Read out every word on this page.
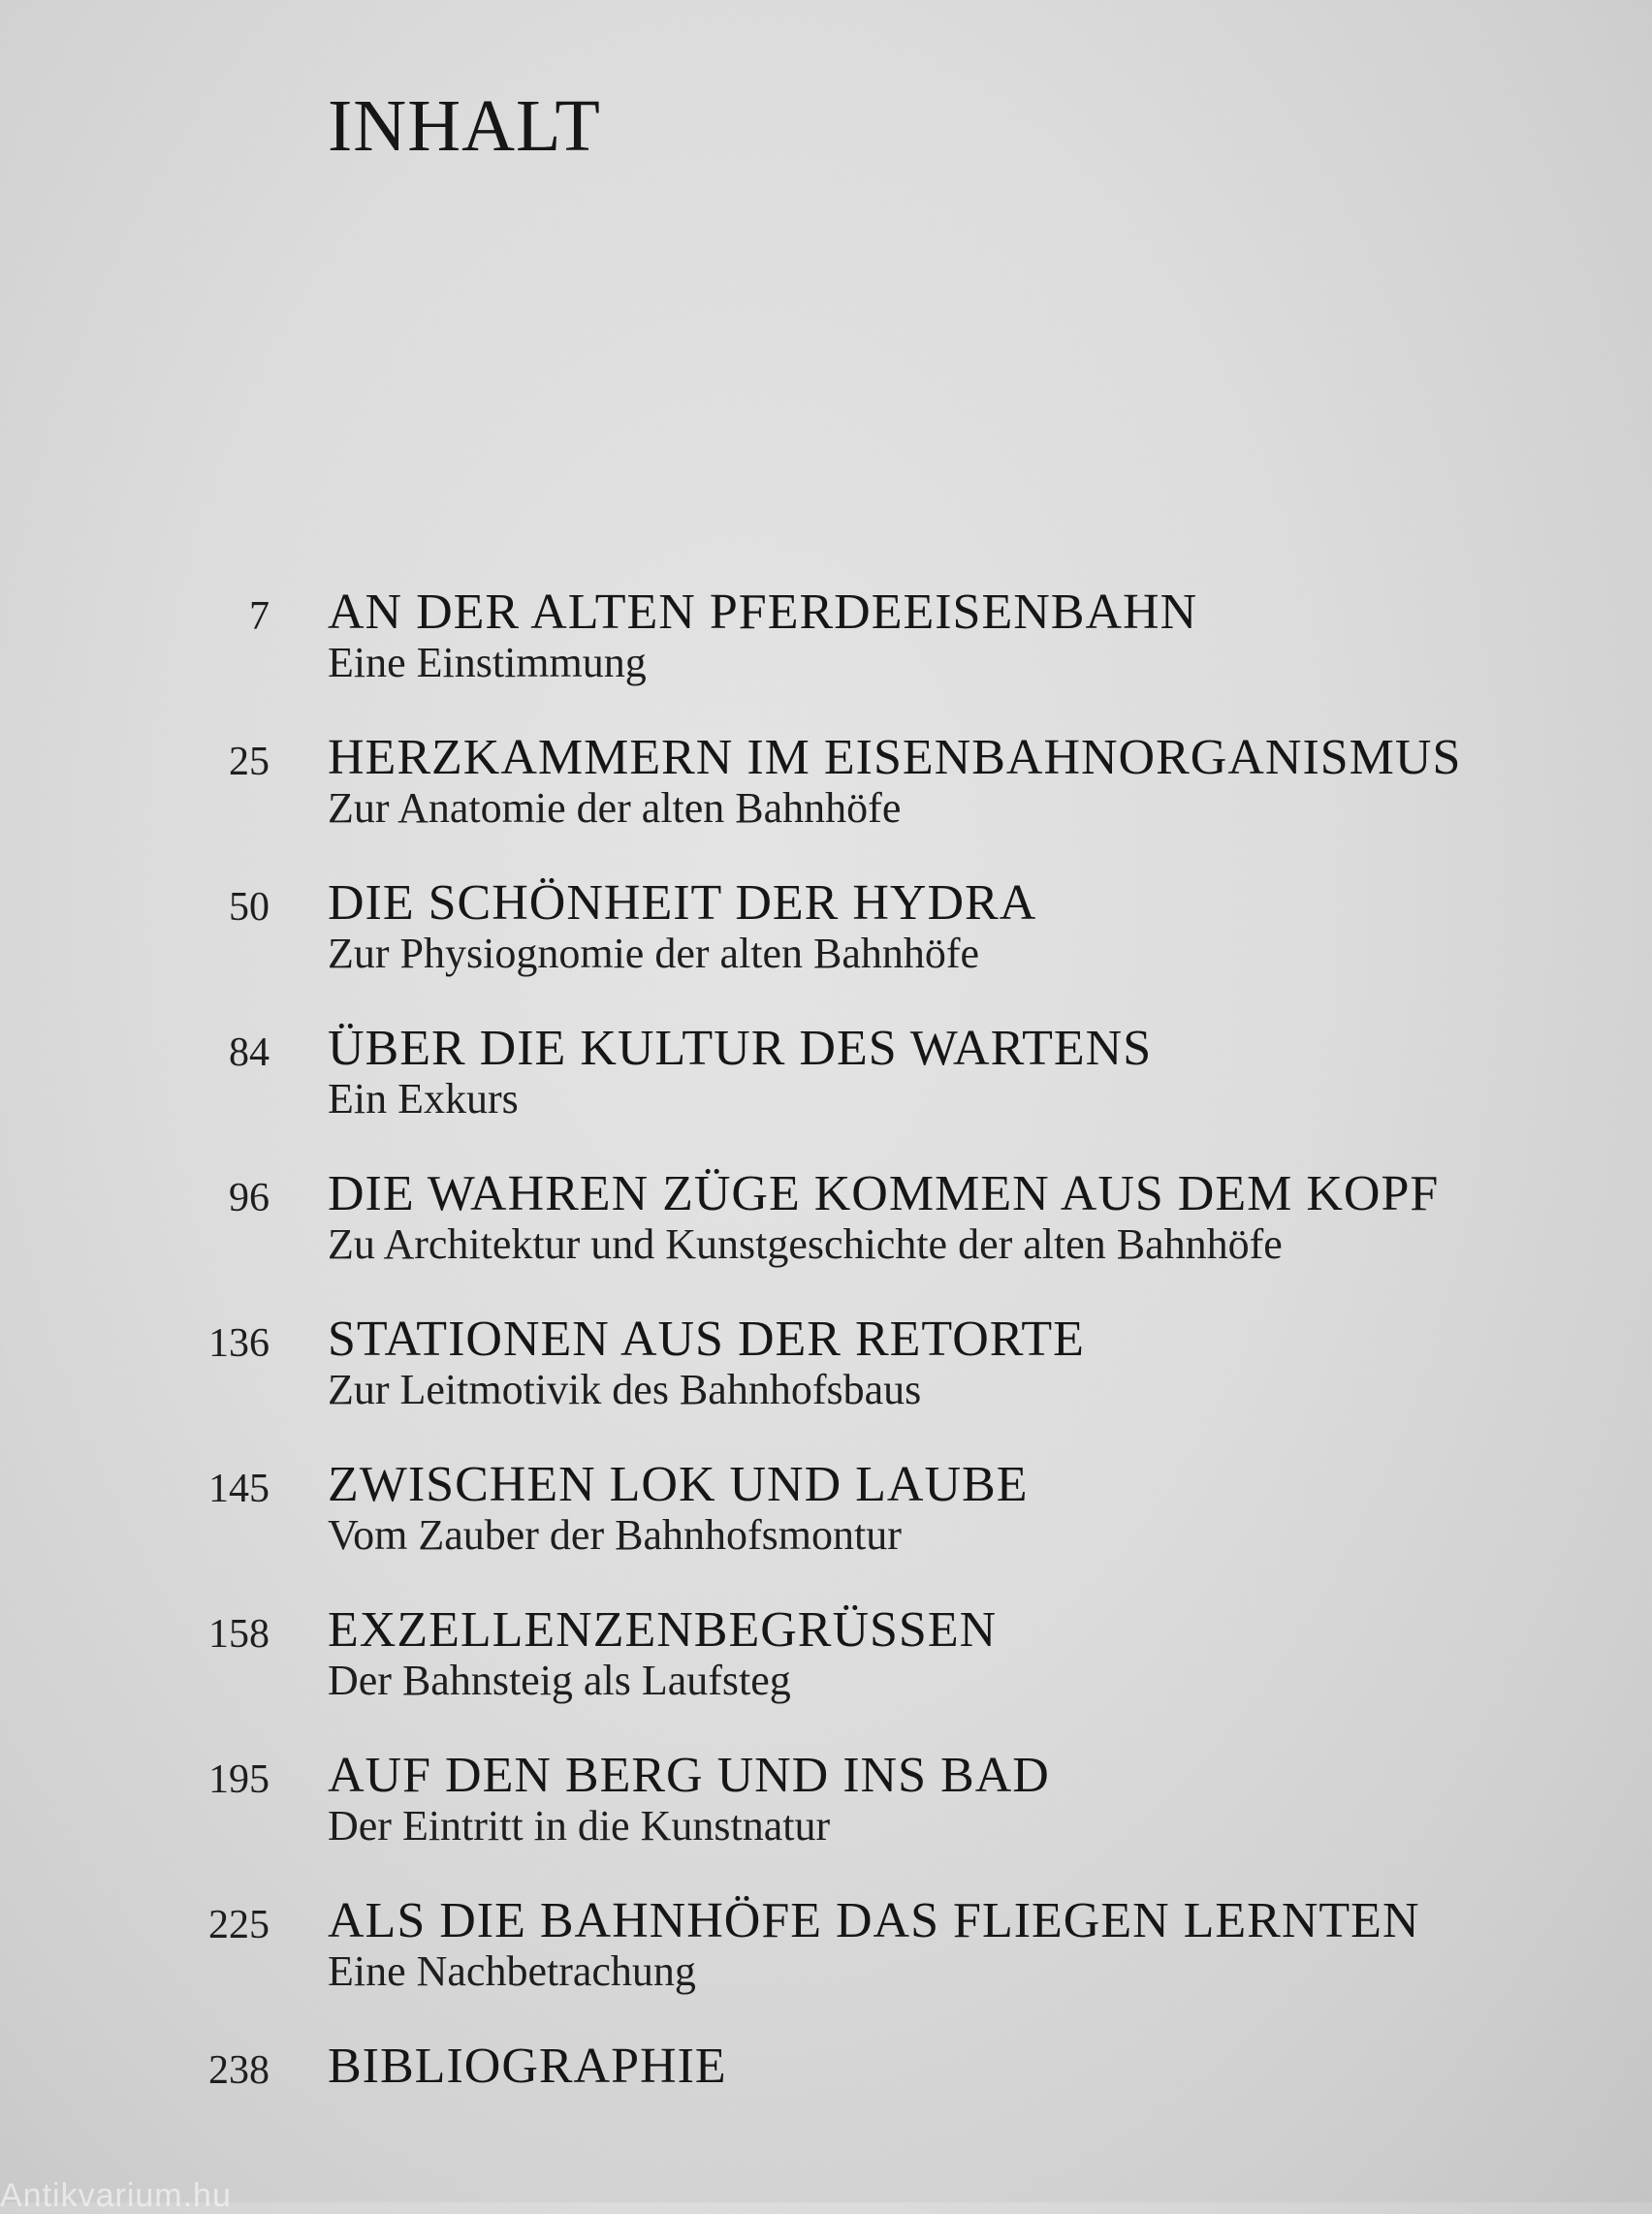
INHALT
7 AN DER ALTEN PFERDEEISENBAHN
Eine Einstimmung
25 HERZKAMMERN IM EISENBAHNORGANISMUS
Zur Anatomie der alten Bahnhöfe
50 DIE SCHÖNHEIT DER HYDRA
Zur Physiognomie der alten Bahnhöfe
84 ÜBER DIE KULTUR DES WARTENS
Ein Exkurs
96 DIE WAHREN ZÜGE KOMMEN AUS DEM KOPF
Zu Architektur und Kunstgeschichte der alten Bahnhöfe
136 STATIONEN AUS DER RETORTE
Zur Leitmotivik des Bahnhofsbaus
145 ZWISCHEN LOK UND LAUBE
Vom Zauber der Bahnhofsmontur
158 EXZELLENZENBEGRÜSSEN
Der Bahnsteig als Laufsteg
195 AUF DEN BERG UND INS BAD
Der Eintritt in die Kunstnatur
225 ALS DIE BAHNHÖFE DAS FLIEGEN LERNTEN
Eine Nachbetrachung
238 BIBLIOGRAPHIE
Antikvarium.hu
